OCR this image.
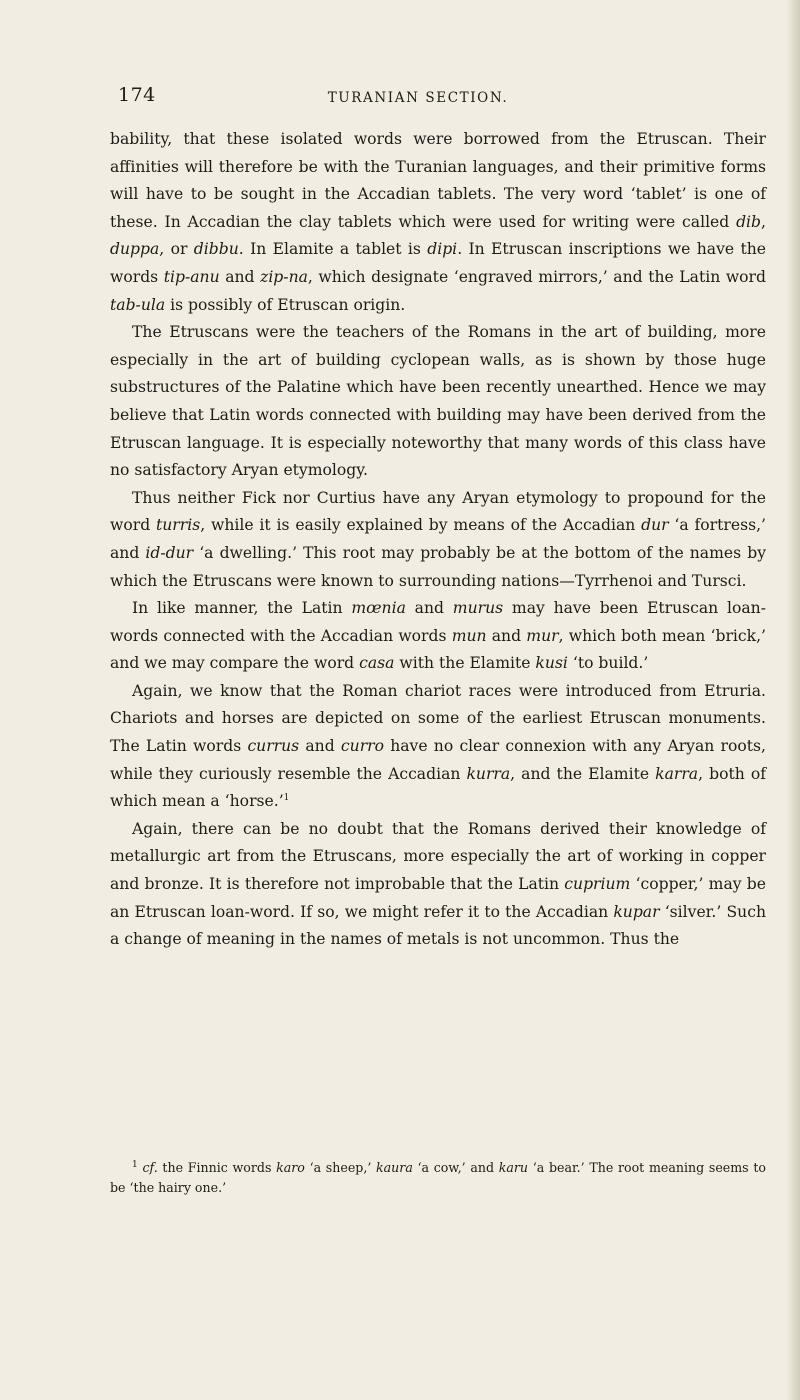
174	TURANIAN SECTION.

bability, that these isolated words were borrowed from the Etruscan. Their affinities will therefore be with the Turanian languages, and their primitive forms will have to be sought in the Accadian tablets. The very word ‘tablet’ is one of these. In Accadian the clay tablets which were used for writing were called dib, duppa, or dibbu. In Elamite a tablet is dipi. In Etruscan inscriptions we have the words tip-anu and zip-na, which designate ‘engraved mirrors,’ and the Latin word tab-ula is possibly of Etruscan origin.

The Etruscans were the teachers of the Romans in the art of building, more especially in the art of building cyclopean walls, as is shown by those huge substructures of the Palatine which have been recently unearthed. Hence we may believe that Latin words connected with building may have been derived from the Etruscan language. It is especially noteworthy that many words of this class have no satisfactory Aryan etymology.

Thus neither Fick nor Curtius have any Aryan etymology to propound for the word turris, while it is easily explained by means of the Accadian dur ‘a fortress,’ and id-dur ‘a dwelling.’ This root may probably be at the bottom of the names by which the Etruscans were known to surrounding nations—Tyrrhenoi and Tursci.

In like manner, the Latin mœnia and murus may have been Etruscan loan-words connected with the Accadian words mun and mur, which both mean ‘brick,’ and we may compare the word casa with the Elamite kusi ‘to build.’

Again, we know that the Roman chariot races were introduced from Etruria. Chariots and horses are depicted on some of the earliest Etruscan monuments. The Latin words currus and curro have no clear connexion with any Aryan roots, while they curiously resemble the Accadian kurra, and the Elamite karra, both of which mean a ‘horse.’$^1$

Again, there can be no doubt that the Romans derived their knowledge of metallurgic art from the Etruscans, more especially the art of working in copper and bronze. It is therefore not improbable that the Latin cuprium ‘copper,’ may be an Etruscan loan-word. If so, we might refer it to the Accadian kupar ‘silver.’ Such a change of meaning in the names of metals is not uncommon. Thus the

$^1$ cf. the Finnic words karo ‘a sheep,’ kaura ‘a cow,’ and karu ‘a bear.’ The root meaning seems to be ‘the hairy one.’
